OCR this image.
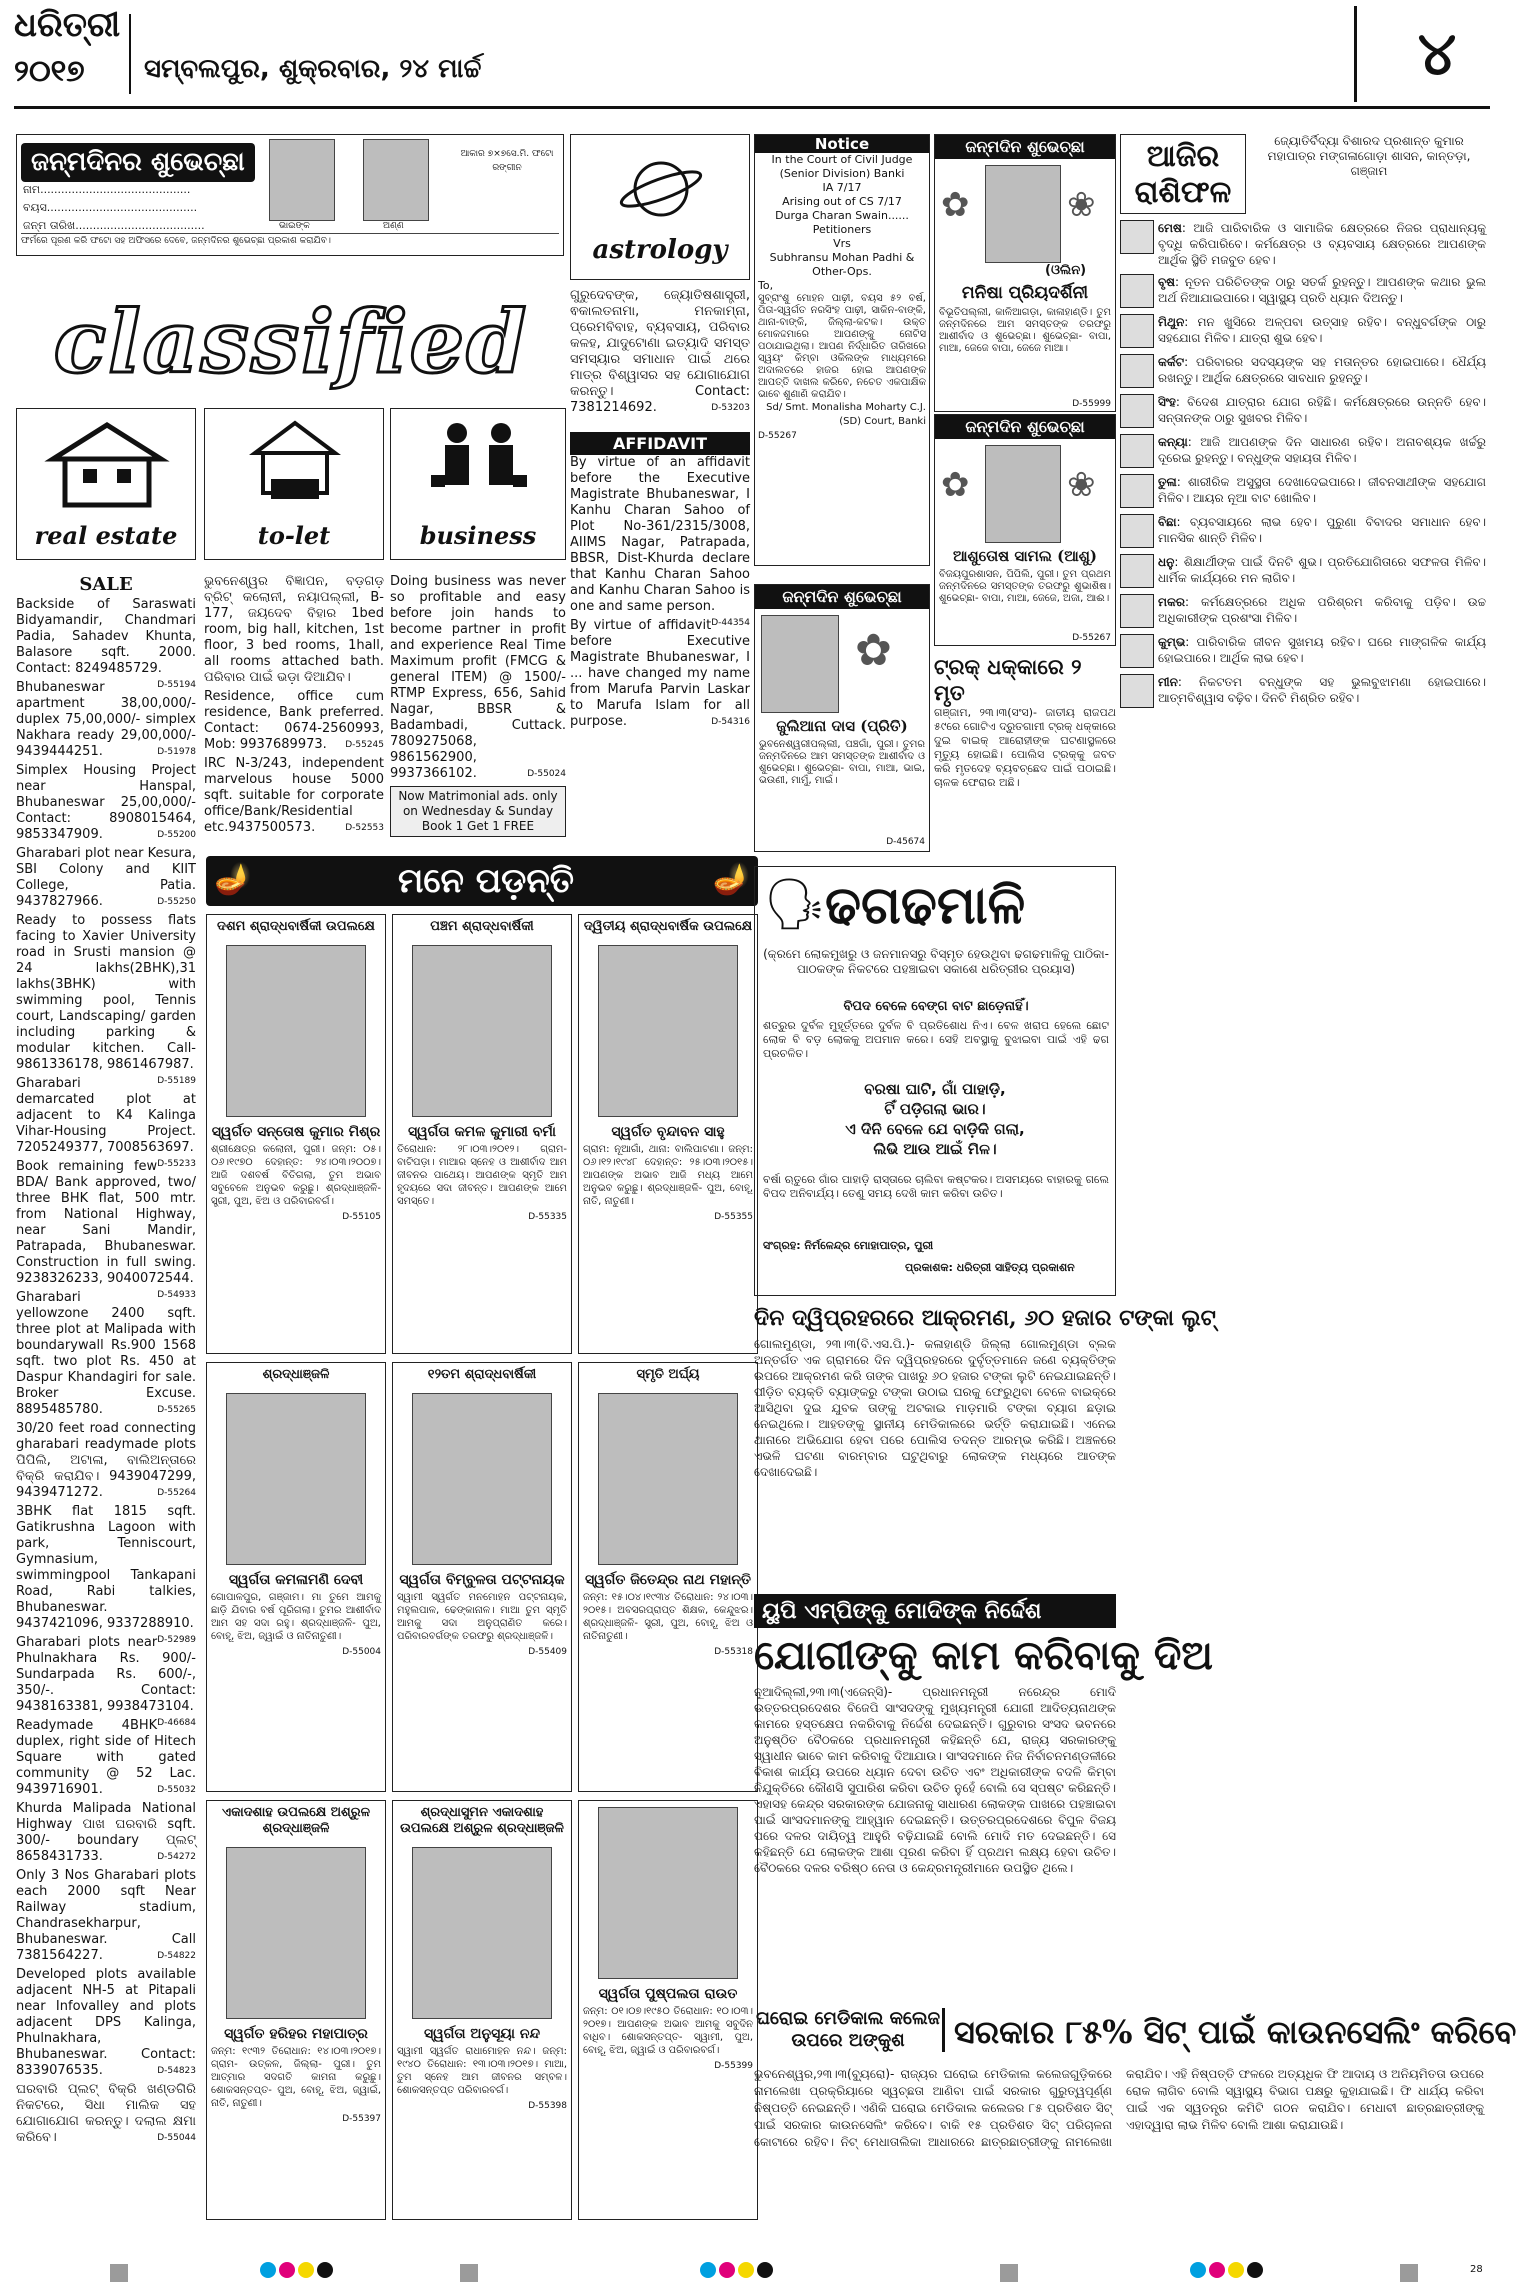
ଧରିତ୍ରୀ
୨୦୧୭ ସମ୍ବଲପୁର, ଶୁକ୍ରବାର, ୨୪ ମାର୍ଚ୍ଚ	୪
ଜନ୍ମଦିନର ଶୁଭେଚ୍ଛା
ନାମ...........................................
ବୟସ...........................................
ଜନ୍ମ ତାରିଖ.....................................	ଭାଇଙ୍କ	ଅଣ୍ଣ
ଆକାର ୭×୭ସେ.ମି. ଫଟୋ ରଙ୍ଗୀନ
ଫର୍ମରେ ପୂରଣ କରି ଫଟୋ ସହ ଅଫିସରେ ଦେବେ, ଜନ୍ମଦିନର ଶୁଭେଚ୍ଛା ପ୍ରକାଶ କରାଯିବ।
classified
astrology
real estate	to-let	business
SALE
Backside of Saraswati Bidyamandir, Chandmari Padia, Sahadev Khunta, Balasore sqft. 2000. Contact: 8249485729.
D-55194
Bhubaneswar apartment 38,00,000/- duplex 75,00,000/- simplex Nakhara ready 29,00,000/- 9439444251.	D-51978
Simplex Housing Project near Hanspal, Bhubaneswar 25,00,000/- Contact: 8908015464, 9853347909.	D-55200
Gharabari plot near Kesura, SBI Colony and KIIT College, Patia. 9437827966.	D-55250
Ready to possess flats facing to Xavier University road in Srusti mansion @ 24 lakhs(2BHK),31 lakhs(3BHK) with swimming pool, Tennis court, Landscaping/ garden including parking & modular kitchen. Call- 9861336178, 9861467987.
D-55189
Gharabari demarcated plot at adjacent to K4 Kalinga Vihar-Housing Project. 7205249377, 7008563697.
D-55233
Book remaining few BDA/ Bank approved, two/ three BHK flat, 500 mtr. from National Highway, near Sani Mandir, Patrapada, Bhubaneswar. Construction in full swing. 9238326233, 9040072544.
D-54933
Gharabari yellowzone 2400 sqft. three plot at Malipada with boundarywall Rs.900 1568 sqft. two plot Rs. 450 at Daspur Khandagiri for sale. Broker Excuse. 8895485780.	D-55265
30/20 feet road connecting gharabari readymade plots ପିପିଲି, ଅଟାଳା, ବାଲିଅନ୍ତାରେ ବିକ୍ରି କରାଯିବ। 9439047299, 9439471272.	D-55264
3BHK flat 1815 sqft. Gatikrushna Lagoon with park, Tenniscourt, Gymnasium, swimmingpool Tankapani Road, Rabi talkies, Bhubaneswar. 9437421096, 9337288910.
D-52989
Gharabari plots near Phulnakhara Rs. 900/- Sundarpada Rs. 600/-, 350/-. Contact: 9438163381, 9938473104.
D-46684
Readymade 4BHK duplex, right side of Hitech Square with gated community @ 52 Lac. 9439716901.	D-55032
Khurda Malipada National Highway ପାଖ ଘରବାରି sqft. 300/- boundary ପ୍ଲଟ୍ 8658431733.	D-54272
Only 3 Nos Gharabari plots each 2000 sqft Near Railway stadium, Chandrasekharpur, Bhubaneswar. Call 7381564227.	D-54822
Developed plots available adjacent NH-5 at Pitapali near Infovalley and plots adjacent DPS Kalinga, Phulnakhara, Bhubaneswar. Contact: 8339076535.	D-54823
ଘରବାରି ପ୍ଲଟ୍ ବିକ୍ରି ଖଣ୍ଡଗିରି ନିକଟରେ, ସିଧା ମାଲିକ ସହ ଯୋଗାଯୋଗ କରନ୍ତୁ। ଦଲାଲ କ୍ଷମା କରିବେ।	D-55044
ଭୁବନେଶ୍ୱର ବିଜ୍ଞାପନ, ବଡ଼ଗଡ଼ ବ୍ରିଟ୍ କଲୋନୀ, ନୟାପଲ୍ଲୀ, B-177, ଜୟଦେବ ବିହାର 1bed room, big hall, kitchen, 1st floor, 3 bed rooms, 1hall, all rooms attached bath. ପରିବାର ପାଇଁ ଭଡ଼ା ଦିଆଯିବ।
Residence, office cum residence, Bank preferred. Contact: 0674-2560993, Mob: 9937689973. D-55245
IRC N-3/243, independent marvelous house 5000 sqft. suitable for corporate office/Bank/Residential etc.9437500573.	D-52553
Doing business was never so profitable and easy before join hands to become partner in profit and experience Real Time Maximum profit (FMCG & general ITEM) @ 1500/- RTMP Express, 656, Sahid Nagar, BBSR & Badambadi, Cuttack. 7809275068, 9861562900, 9937366102.	D-55024
Now Matrimonial ads. only on Wednesday & Sunday Book 1 Get 1 FREE
ଗୁରୁଦେବଙ୍କ, ଜ୍ୟୋତିଷଶାସ୍ତ୍ରୀ, ଵକାଲତନାମା, ମନକାମ୍ନା, ପ୍ରେମବିବାହ, ବ୍ୟବସାୟ, ପରିବାର କଳହ, ଯାଦୁଟୋଣା ଇତ୍ୟାଦି ସମସ୍ତ ସମସ୍ୟାର ସମାଧାନ ପାଇଁ ଥରେ ମାତ୍ର ବିଶ୍ୱାସର ସହ ଯୋଗାଯୋଗ କରନ୍ତୁ। Contact: 7381214692.	D-53203
AFFIDAVIT
By virtue of an affidavit before the Executive Magistrate Bhubaneswar, I Kanhu Charan Sahoo of Plot No-361/2315/3008, AIIMS Nagar, Patrapada, BBSR, Dist-Khurda declare that Kanhu Charan Sahoo and Kanhu Charan Sahoo is one and same person.
D-44354
By virtue of affidavit before Executive Magistrate Bhubaneswar, I ... have changed my name from Marufa Parvin Laskar to Marufa Islam for all purpose.	D-54316
Notice
In the Court of Civil Judge (Senior Division) Banki
IA 7/17
Arising out of CS 7/17
Durga Charan Swain...... Petitioners
Vrs
Subhransu Mohan Padhi & Other-Ops.
To,
ସୁବ୍ରାଂଶୁ ମୋହନ ପାଢ଼ୀ, ବୟସ ୫୨ ବର୍ଷ, ପିତା-ସ୍ୱର୍ଗତ ନରସିଂହ ପାଢ଼ୀ, ସାକିନ-ବାଙ୍କି, ଥାନା-ବାଙ୍କି, ଜିଲ୍ଲା-କଟକ। ଉକ୍ତ ମୋକଦ୍ଦମାରେ ଆପଣଙ୍କୁ ନୋଟିସ ପଠାଯାଇଥିଲା। ଆପଣ ନିର୍ଦ୍ଧାରିତ ତାରିଖରେ ସ୍ୱୟଂ କିମ୍ବା ଓକିଲଙ୍କ ମାଧ୍ୟମରେ ଅଦାଲତରେ ହାଜର ହୋଇ ଆପଣଙ୍କ ଆପତ୍ତି ଦାଖଲ କରିବେ, ନଚେତ ଏକପାକ୍ଷିକ ଭାବେ ଶୁଣାଣି କରାଯିବ।
Sd/ Smt. Monalisha Moharty C.J. (SD) Court, Banki
D-55267
ଜନ୍ମଦିନ ଶୁଭେଚ୍ଛା
✿	❀
(ଓଲିନ)
ମନିଷା ପ୍ରିୟଦର୍ଶିନୀ
ବିଭୂତିପଲ୍ଲୀ, କାଳିଆଗଡ଼ା, କାଳାହାଣ୍ଡି। ତୁମ ଜନ୍ମଦିନରେ ଆମ ସମସ୍ତଙ୍କ ତରଫରୁ ଆଶୀର୍ବାଦ ଓ ଶୁଭେଚ୍ଛା। ଶୁଭେଚ୍ଛା- ବାପା, ମାଆ, ଜେଜେ ବାପା, ଜେଜେ ମାଆ।
D-55999
ଜନ୍ମଦିନ ଶୁଭେଚ୍ଛା
✿	❀
ଆଶୁତୋଷ ସାମଲ (ଆଶୁ)
ବିଜୟପୁରଶାସନ, ପିପିଲି, ପୁରୀ। ତୁମ ପ୍ରଥମ ଜନ୍ମଦିନରେ ସମସ୍ତଙ୍କ ତରଫରୁ ଶୁଭାଶିଷ। ଶୁଭେଚ୍ଛା- ବାପା, ମାଆ, ଜେଜେ, ଅଜା, ଆଈ।
D-55267
ଜନ୍ମଦିନ ଶୁଭେଚ୍ଛା
✿
ଜୁଲିଆନା ଦାସ (ପ୍ରିତି)
ଭୁବନେଶ୍ୱରୀପଲ୍ଲୀ, ପଞ୍ଚଗାଁ, ପୁରୀ। ତୁମର ଜନ୍ମଦିନରେ ଆମ ସମସ୍ତଙ୍କ ଆଶୀର୍ବାଦ ଓ ଶୁଭେଚ୍ଛା। ଶୁଭେଚ୍ଛା- ବାପା, ମାଆ, ଭାଇ, ଭଉଣୀ, ମାମୁଁ, ମାଇଁ।
D-45674
ଟ୍ରକ୍ ଧକ୍କାରେ ୨ ମୃତ
ଗଞ୍ଜାମ, ୨୩।୩(ସଂସ)- ଜାତୀୟ ରାଜପଥ ୫୯ରେ ଗୋଟିଏ ଦ୍ରୁତଗାମୀ ଟ୍ରକ୍ ଧକ୍କାରେ ଦୁଇ ବାଇକ୍ ଆରୋହୀଙ୍କ ଘଟଣାସ୍ଥଳରେ ମୃତ୍ୟୁ ହୋଇଛି। ପୋଲିସ ଟ୍ରକ୍‌କୁ ଜବତ କରି ମୃତଦେହ ବ୍ୟବଚ୍ଛେଦ ପାଇଁ ପଠାଇଛି। ଚାଳକ ଫେରାର ଅଛି।
🪔	ମନେ ପଡ଼ନ୍ତି	🪔
ଦଶମ ଶ୍ରାଦ୍ଧବାର୍ଷିକୀ ଉପଲକ୍ଷେ
ସ୍ୱର୍ଗତ ସନ୍ତୋଷ କୁମାର ମିଶ୍ର
ଶ୍ରୀକ୍ଷେତ୍ର କଲୋନୀ, ପୁରୀ। ଜନ୍ମ: ୦୫।୦୬।୧୯୭୦ ଦେହାନ୍ତ: ୨୪।୦୩।୨୦୦୭। ଆଜି ଦଶବର୍ଷ ବିତିଗଲା, ତୁମ ଅଭାବ ସବୁବେଳେ ଅନୁଭବ କରୁଛୁ। ଶ୍ରଦ୍ଧାଞ୍ଜଳି- ସ୍ତ୍ରୀ, ପୁଅ, ଝିଅ ଓ ପରିବାରବର୍ଗ।
D-55105
ପଞ୍ଚମ ଶ୍ରାଦ୍ଧବାର୍ଷିକୀ
ସ୍ୱର୍ଗତା କମଳ କୁମାରୀ ବର୍ମା
ତିରୋଧାନ: ୨୮।୦୩।୨୦୧୨। ଗ୍ରାମ- ବାଟିପଡ଼ା। ମାଆର ସ୍ନେହ ଓ ଆଶୀର୍ବାଦ ଆମ ଜୀବନର ପାଥେୟ। ଆପଣଙ୍କ ସ୍ମୃତି ଆମ ହୃଦୟରେ ସଦା ଜୀବନ୍ତ। ଆପଣଙ୍କ ଆମେ ସମସ୍ତେ।
D-55335
ଦ୍ୱିତୀୟ ଶ୍ରାଦ୍ଧବାର୍ଷିକ ଉପଲକ୍ଷେ
ସ୍ୱର୍ଗତ ବୃନ୍ଦାବନ ସାହୁ
ଗ୍ରାମ: ନୂଆଗାଁ, ଥାନା: ବାଲିପାଟଣା। ଜନ୍ମ: ୦୬।୧୨।୧୯୪୮ ଦେହାନ୍ତ: ୨୫।୦୩।୨୦୧୫। ଆପଣଙ୍କ ଅଭାବ ଆଜି ମଧ୍ୟ ଆମେ ଅନୁଭବ କରୁଛୁ। ଶ୍ରଦ୍ଧାଞ୍ଜଳି- ପୁଅ, ବୋହୂ, ନାତି, ନାତୁଣୀ।
D-55355
ଶ୍ରଦ୍ଧାଞ୍ଜଳି
ସ୍ୱର୍ଗତା କମଳାମଣି ଦେବୀ
ଗୋପାଳପୁର, ଗଞ୍ଜାମ। ମା ତୁମେ ଆମକୁ ଛାଡ଼ି ଯିବାର ବର୍ଷ ପୂରିଗଲା। ତୁମର ଆଶୀର୍ବାଦ ଆମ ସହ ସଦା ରହୁ। ଶ୍ରଦ୍ଧାଞ୍ଜଳି- ପୁଅ, ବୋହୂ, ଝିଅ, ଜ୍ୱାଇଁ ଓ ନାତିନାତୁଣୀ।
D-55004
୧୨ତମ ଶ୍ରାଦ୍ଧବାର୍ଷିକୀ
ସ୍ୱର୍ଗତା ବିମ୍ବୁଳତା ପଟ୍ଟନାୟକ
ସ୍ୱାମୀ ସ୍ୱର୍ଗତ ମନମୋହନ ପଟ୍ଟନାୟକ, ମହୁଲପାଳ, ଢେଙ୍କାନାଳ। ମାଆ ତୁମ ସ୍ମୃତି ଆମକୁ ସଦା ଅନୁପ୍ରାଣିତ କରେ। ପରିବାରବର୍ଗଙ୍କ ତରଫରୁ ଶ୍ରଦ୍ଧାଞ୍ଜଳି।
D-55409
ସ୍ମୃତି ଅର୍ଘ୍ୟ
ସ୍ୱର୍ଗତ ଜିତେନ୍ଦ୍ର ନାଥ ମହାନ୍ତି
ଜନ୍ମ: ୧୫।୦୪।୧୯୩୪ ତିରୋଧାନ: ୨୪।୦୩।୨୦୧୫। ଅବସରପ୍ରାପ୍ତ ଶିକ୍ଷକ, କେନ୍ଦୁଝର। ଶ୍ରଦ୍ଧାଞ୍ଜଳି- ସ୍ତ୍ରୀ, ପୁଅ, ବୋହୂ, ଝିଅ ଓ ନାତିନାତୁଣୀ।
D-55318
ଏକାଦଶାହ ଉପଲକ୍ଷେ ଅଶ୍ରୁଳ ଶ୍ରଦ୍ଧାଞ୍ଜଳି
ସ୍ୱର୍ଗତ ହରିହର ମହାପାତ୍ର
ଜନ୍ମ: ୧୯୩୨ ତିରୋଧାନ: ୧୪।୦୩।୨୦୧୭। ଗ୍ରାମ- ଉତ୍କଳ, ଜିଲ୍ଲା- ପୁରୀ। ତୁମ ଆତ୍ମାର ସଦଗତି କାମନା କରୁଛୁ। ଶୋକସନ୍ତପ୍ତ- ପୁଅ, ବୋହୂ, ଝିଅ, ଜ୍ୱାଇଁ, ନାତି, ନାତୁଣୀ।
D-55397
ଶ୍ରଦ୍ଧାସୁମନ ଏକାଦଶାହ ଉପଲକ୍ଷେ ଅଶ୍ରୁଳ ଶ୍ରଦ୍ଧାଞ୍ଜଳି
ସ୍ୱର୍ଗତା ଅନୁସୂୟା ନନ୍ଦ
ସ୍ୱାମୀ ସ୍ୱର୍ଗତ ରାଧାମୋହନ ନନ୍ଦ। ଜନ୍ମ: ୧୯୪୦ ତିରୋଧାନ: ୧୩।୦୩।୨୦୧୭। ମାଆ, ତୁମ ସ୍ନେହ ଆମ ଜୀବନର ସମ୍ବଳ। ଶୋକସନ୍ତପ୍ତ ପରିବାରବର୍ଗ।
D-55398
ସ୍ୱର୍ଗତା ପୁଷ୍ପଲତା ରାଉତ
ଜନ୍ମ: ୦୧।୦୭।୧୯୫୦ ତିରୋଧାନ: ୧୦।୦୩।୨୦୧୭। ଆପଣଙ୍କ ଅଭାବ ଆମକୁ ସବୁଦିନ ବାଧିବ। ଶୋକସନ୍ତପ୍ତ- ସ୍ୱାମୀ, ପୁଅ, ବୋହୂ, ଝିଅ, ଜ୍ୱାଇଁ ଓ ପରିବାରବର୍ଗ।
D-55399
🗣
ଢଗଢମାଳି
(କ୍ରମେ ଲୋକମୁଖରୁ ଓ ଜନମାନସରୁ ବିସ୍ମୃତ ହେଉଥିବା ଢଗଢମାଳିକୁ ପାଠିକା-ପାଠକଙ୍କ ନିକଟରେ ପହଞ୍ଚାଇବା ସକାଶେ ଧରିତ୍ରୀର ପ୍ରୟାସ)
ବିପଦ ବେଳେ ବେଙ୍ଗ ବାଟ ଛାଡ଼େନାହିଁ।
ଶତ୍ରୁର ଦୁର୍ବଳ ମୁହୂର୍ତ୍ତରେ ଦୁର୍ବଳ ବି ପ୍ରତିଶୋଧ ନିଏ। ବେଳ ଖରାପ ହେଲେ ଛୋଟ ଲୋକ ବି ବଡ଼ ଲୋକକୁ ଅପମାନ କରେ। ସେହି ଅବସ୍ଥାକୁ ବୁଝାଇବା ପାଇଁ ଏହି ଢଗ ପ୍ରଚଳିତ।
ବରଷା ଘାଟି, ଗାଁ ପାହାଡ଼ି,
ଟିଁ ପଡ଼ିଗଲା ଭାର।
ଏ ଦିନି ବେଳେ ଯେ ବାଡ଼ିକି ଗଲା,
ଲିଭି ଆଉ ଆଇଁ ମିଳ।
ବର୍ଷା ଋତୁରେ ଗାଁର ପାହାଡ଼ି ରାସ୍ତାରେ ଚାଲିବା କଷ୍ଟକର। ଅସମୟରେ ବାହାରକୁ ଗଲେ ବିପଦ ଅନିବାର୍ଯ୍ୟ। ତେଣୁ ସମୟ ଦେଖି କାମ କରିବା ଉଚିତ।
ସଂଗ୍ରହ: ନିର୍ମଳେନ୍ଦ୍ର ମୋହାପାତ୍ର, ପୁରୀ
ପ୍ରକାଶକ: ଧରିତ୍ରୀ ସାହିତ୍ୟ ପ୍ରକାଶନ
ଦିନ ଦ୍ୱିପ୍ରହରରେ ଆକ୍ରମଣ, ୬୦ ହଜାର ଟଙ୍କା ଲୁଟ୍
ଗୋଲମୁଣ୍ଡା, ୨୩।୩(ବି.ଏସ.ପି.)- କଳାହାଣ୍ଡି ଜିଲ୍ଲା ଗୋଲମୁଣ୍ଡା ବ୍ଲକ ଅନ୍ତର୍ଗତ ଏକ ଗ୍ରାମରେ ଦିନ ଦ୍ୱିପ୍ରହରରେ ଦୁର୍ବୃତ୍ତମାନେ ଜଣେ ବ୍ୟକ୍ତିଙ୍କ ଉପରେ ଆକ୍ରମଣ କରି ତାଙ୍କ ପାଖରୁ ୬୦ ହଜାର ଟଙ୍କା ଲୁଟି ନେଇଯାଇଛନ୍ତି। ପୀଡ଼ିତ ବ୍ୟକ୍ତି ବ୍ୟାଙ୍କରୁ ଟଙ୍କା ଉଠାଇ ଘରକୁ ଫେରୁଥିବା ବେଳେ ବାଇକ୍‌ରେ ଆସିଥିବା ଦୁଇ ଯୁବକ ତାଙ୍କୁ ଅଟକାଇ ମାଡ଼ମାରି ଟଙ୍କା ବ୍ୟାଗ ଛଡ଼ାଇ ନେଇଥିଲେ। ଆହତଙ୍କୁ ସ୍ଥାନୀୟ ମେଡିକାଲରେ ଭର୍ତ୍ତି କରାଯାଇଛି। ଏନେଇ ଥାନାରେ ଅଭିଯୋଗ ହେବା ପରେ ପୋଲିସ ତଦନ୍ତ ଆରମ୍ଭ କରିଛି। ଅଞ୍ଚଳରେ ଏଭଳି ଘଟଣା ବାରମ୍ବାର ଘଟୁଥିବାରୁ ଲୋକଙ୍କ ମଧ୍ୟରେ ଆତଙ୍କ ଦେଖାଦେଇଛି।
ୟୁପି ଏମ୍ପିଙ୍କୁ ମୋଦିଙ୍କ ନିର୍ଦ୍ଦେଶ
ଯୋଗୀଙ୍କୁ କାମ କରିବାକୁ ଦିଅ
ନୂଆଦିଲ୍ଲୀ,୨୩।୩(ଏଜେନ୍ସି)- ପ୍ରଧାନମନ୍ତ୍ରୀ ନରେନ୍ଦ୍ର ମୋଦି ଉତ୍ତରପ୍ରଦେଶର ବିଜେପି ସାଂସଦଙ୍କୁ ମୁଖ୍ୟମନ୍ତ୍ରୀ ଯୋଗୀ ଆଦିତ୍ୟନାଥଙ୍କ କାମରେ ହସ୍ତକ୍ଷେପ ନକରିବାକୁ ନିର୍ଦ୍ଦେଶ ଦେଇଛନ୍ତି। ଗୁରୁବାର ସଂସଦ ଭବନରେ ଅନୁଷ୍ଠିତ ବୈଠକରେ ପ୍ରଧାନମନ୍ତ୍ରୀ କହିଛନ୍ତି ଯେ, ରାଜ୍ୟ ସରକାରଙ୍କୁ ସ୍ୱାଧୀନ ଭାବେ କାମ କରିବାକୁ ଦିଆଯାଉ। ସାଂସଦମାନେ ନିଜ ନିର୍ବାଚନମଣ୍ଡଳୀରେ ବିକାଶ କାର୍ଯ୍ୟ ଉପରେ ଧ୍ୟାନ ଦେବା ଉଚିତ ଏବଂ ଅଧିକାରୀଙ୍କ ବଦଳି କିମ୍ବା ନିଯୁକ୍ତିରେ କୌଣସି ସୁପାରିଶ କରିବା ଉଚିତ ନୁହେଁ ବୋଲି ସେ ସ୍ପଷ୍ଟ କରିଛନ୍ତି। ଏହାସହ କେନ୍ଦ୍ର ସରକାରଙ୍କ ଯୋଜନାକୁ ସାଧାରଣ ଲୋକଙ୍କ ପାଖରେ ପହଞ୍ଚାଇବା ପାଇଁ ସାଂସଦମାନଙ୍କୁ ଆହ୍ୱାନ ଦେଇଛନ୍ତି। ଉତ୍ତରପ୍ରଦେଶରେ ବିପୁଳ ବିଜୟ ପରେ ଦଳର ଦାୟିତ୍ୱ ଆହୁରି ବଢ଼ିଯାଇଛି ବୋଲି ମୋଦି ମତ ଦେଇଛନ୍ତି। ସେ କହିଛନ୍ତି ଯେ ଲୋକଙ୍କ ଆଶା ପୂରଣ କରିବା ହିଁ ପ୍ରଥମ ଲକ୍ଷ୍ୟ ହେବା ଉଚିତ। ବୈଠକରେ ଦଳର ବରିଷ୍ଠ ନେତା ଓ କେନ୍ଦ୍ରମନ୍ତ୍ରୀମାନେ ଉପସ୍ଥିତ ଥିଲେ।
ଘରୋଇ ମେଡିକାଲ କଲେଜ ଉପରେ ଅଙ୍କୁଶ	ସରକାର ୮୫% ସିଟ୍ ପାଇଁ କାଉନସେଲିଂ କରିବେ
ଭୁବନେଶ୍ୱର,୨୩।୩(ବ୍ୟୁରୋ)- ରାଜ୍ୟର ଘରୋଇ ମେଡିକାଲ କଲେଜଗୁଡ଼ିକରେ ନାମଲେଖା ପ୍ରକ୍ରିୟାରେ ସ୍ୱଚ୍ଛତା ଆଣିବା ପାଇଁ ସରକାର ଗୁରୁତ୍ୱପୂର୍ଣ୍ଣ ନିଷ୍ପତ୍ତି ନେଇଛନ୍ତି। ଏଣିକି ଘରୋଇ ମେଡିକାଲ କଲେଜର ୮୫ ପ୍ରତିଶତ ସିଟ୍ ପାଇଁ ସରକାର କାଉନସେଲିଂ କରିବେ। ବାକି ୧୫ ପ୍ରତିଶତ ସିଟ୍ ପରିଚାଳନା କୋଟାରେ ରହିବ। ନିଟ୍ ମେଧାତାଲିକା ଆଧାରରେ ଛାତ୍ରଛାତ୍ରୀଙ୍କୁ ନାମଲେଖା କରାଯିବ। ଏହି ନିଷ୍ପତ୍ତି ଫଳରେ ଅତ୍ୟଧିକ ଫି ଆଦାୟ ଓ ଅନିୟମିତତା ଉପରେ ରୋକ ଲାଗିବ ବୋଲି ସ୍ୱାସ୍ଥ୍ୟ ବିଭାଗ ପକ୍ଷରୁ କୁହାଯାଇଛି। ଫି ଧାର୍ଯ୍ୟ କରିବା ପାଇଁ ଏକ ସ୍ୱତନ୍ତ୍ର କମିଟି ଗଠନ କରାଯିବ। ମେଧାବୀ ଛାତ୍ରଛାତ୍ରୀଙ୍କୁ ଏହାଦ୍ୱାରା ଲାଭ ମିଳିବ ବୋଲି ଆଶା କରାଯାଉଛି।
ଆଜିର ରାଶିଫଳ
ଜ୍ୟୋତିର୍ବିଦ୍ୟା ବିଶାରଦ ପ୍ରଶାନ୍ତ କୁମାର ମହାପାତ୍ର ମଙ୍ଗଳାଗୋଡ଼ା ଶାସନ, କାନ୍ତଡ଼ା, ଗଞ୍ଜାମ
ମେଷ: ଆଜି ପାରିବାରିକ ଓ ସାମାଜିକ କ୍ଷେତ୍ରରେ ନିଜର ପ୍ରାଧାନ୍ୟକୁ ବୃଦ୍ଧି କରିପାରିବେ। କର୍ମକ୍ଷେତ୍ର ଓ ବ୍ୟବସାୟ କ୍ଷେତ୍ରରେ ଆପଣଙ୍କ ଆର୍ଥିକ ସ୍ଥିତି ମଜବୁତ ହେବ।
ବୃଷ: ନୂତନ ପରିଚିତଙ୍କ ଠାରୁ ସତର୍କ ରୁହନ୍ତୁ। ଆପଣଙ୍କ କଥାର ଭୁଲ ଅର୍ଥ ନିଆଯାଇପାରେ। ସ୍ୱାସ୍ଥ୍ୟ ପ୍ରତି ଧ୍ୟାନ ଦିଅନ୍ତୁ।
ମିଥୁନ: ମନ ଖୁସିରେ ଅଳ୍ପବା ଉତ୍ସାହ ରହିବ। ବନ୍ଧୁବର୍ଗଙ୍କ ଠାରୁ ସହଯୋଗ ମିଳିବ। ଯାତ୍ରା ଶୁଭ ହେବ।
କର୍କଟ: ପରିବାରର ସଦସ୍ୟଙ୍କ ସହ ମତାନ୍ତର ହୋଇପାରେ। ଧୈର୍ଯ୍ୟ ରଖନ୍ତୁ। ଆର୍ଥିକ କ୍ଷେତ୍ରରେ ସାବଧାନ ରୁହନ୍ତୁ।
ସିଂହ: ବିଦେଶ ଯାତ୍ରାର ଯୋଗ ରହିଛି। କର୍ମକ୍ଷେତ୍ରରେ ଉନ୍ନତି ହେବ। ସନ୍ତାନଙ୍କ ଠାରୁ ସୁଖବର ମିଳିବ।
କନ୍ୟା: ଆଜି ଆପଣଙ୍କ ଦିନ ସାଧାରଣ ରହିବ। ଅନାବଶ୍ୟକ ଖର୍ଚ୍ଚରୁ ଦୂରେଇ ରୁହନ୍ତୁ। ବନ୍ଧୁଙ୍କ ସହାୟତା ମିଳିବ।
ତୁଳା: ଶାରୀରିକ ଅସୁସ୍ଥତା ଦେଖାଦେଇପାରେ। ଜୀବନସାଥୀଙ୍କ ସହଯୋଗ ମିଳିବ। ଆୟର ନୂଆ ବାଟ ଖୋଲିବ।
ବିଛା: ବ୍ୟବସାୟରେ ଲାଭ ହେବ। ପୁରୁଣା ବିବାଦର ସମାଧାନ ହେବ। ମାନସିକ ଶାନ୍ତି ମିଳିବ।
ଧନୁ: ଶିକ୍ଷାର୍ଥୀଙ୍କ ପାଇଁ ଦିନଟି ଶୁଭ। ପ୍ରତିଯୋଗିତାରେ ସଫଳତା ମିଳିବ। ଧାର୍ମିକ କାର୍ଯ୍ୟରେ ମନ ଲାଗିବ।
ମକର: କର୍ମକ୍ଷେତ୍ରରେ ଅଧିକ ପରିଶ୍ରମ କରିବାକୁ ପଡ଼ିବ। ଉଚ୍ଚ ଅଧିକାରୀଙ୍କ ପ୍ରଶଂସା ମିଳିବ।
କୁମ୍ଭ: ପାରିବାରିକ ଜୀବନ ସୁଖମୟ ରହିବ। ଘରେ ମାଙ୍ଗଳିକ କାର୍ଯ୍ୟ ହୋଇପାରେ। ଆର୍ଥିକ ଲାଭ ହେବ।
ମୀନ: ନିକଟତମ ବନ୍ଧୁଙ୍କ ସହ ଭୁଲବୁଝାମଣା ହୋଇପାରେ। ଆତ୍ମବିଶ୍ୱାସ ବଢ଼ିବ। ଦିନଟି ମିଶ୍ରିତ ରହିବ।
28
